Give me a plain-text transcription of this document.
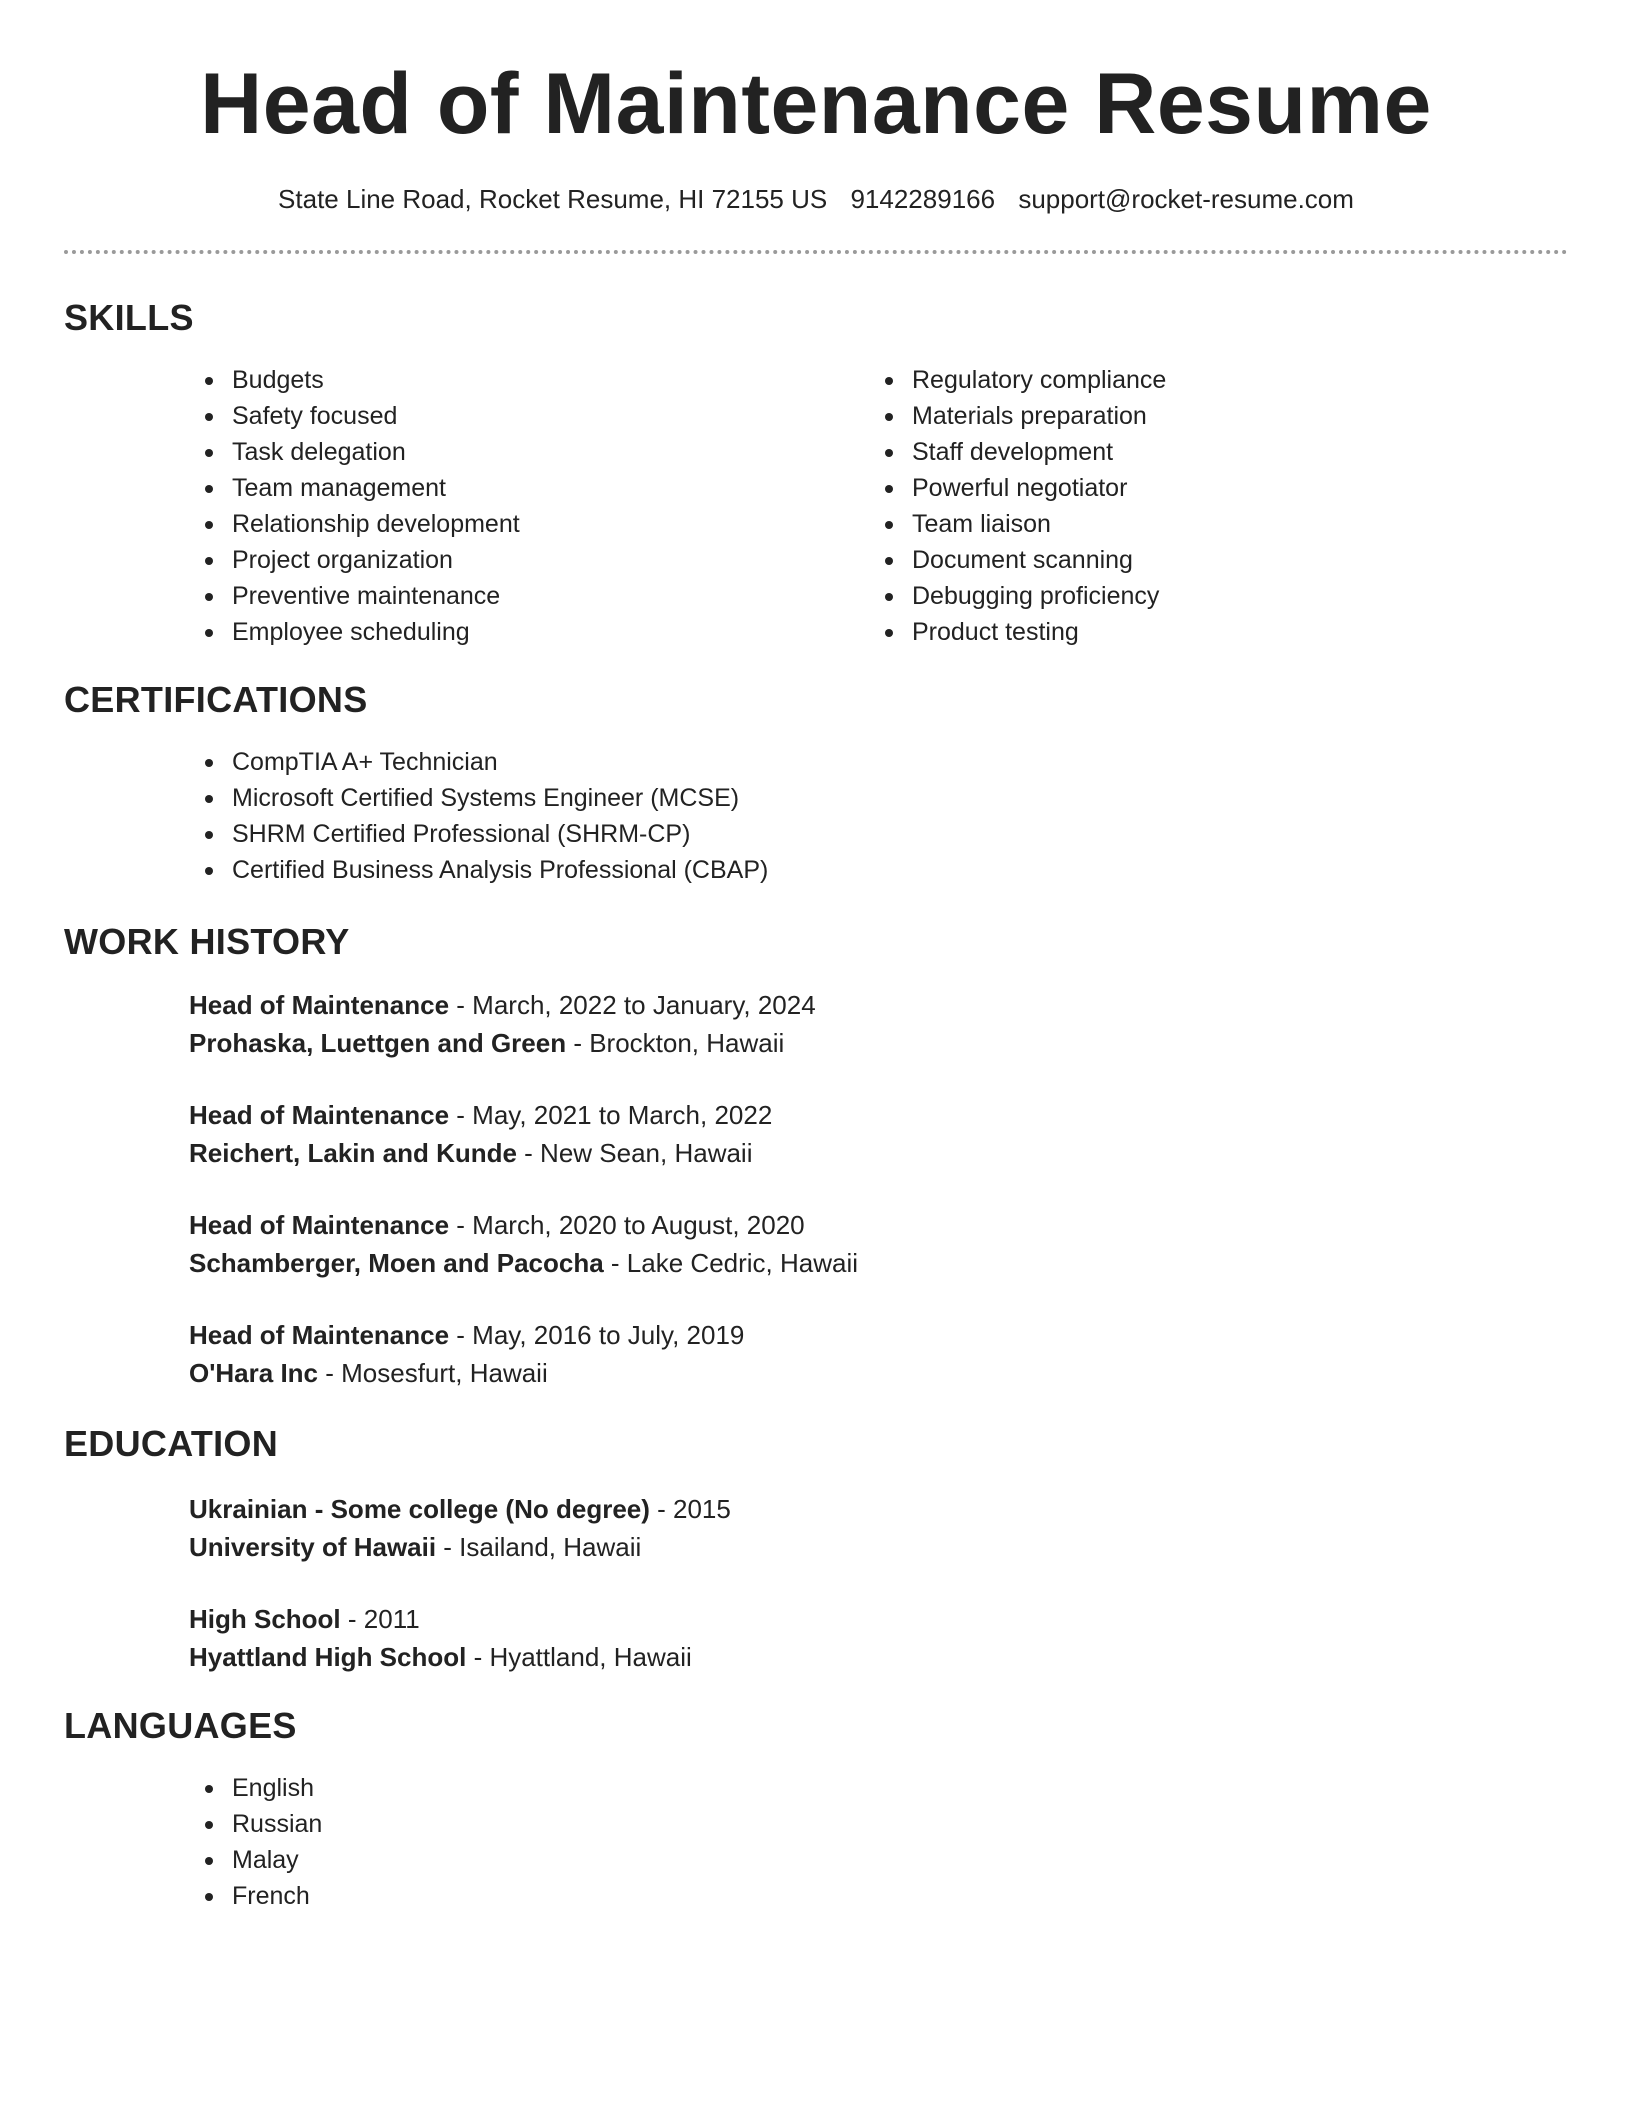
Head of Maintenance Resume
State Line Road, Rocket Resume, HI 72155 US 9142289166 support@rocket-resume.com
SKILLS
Budgets
Safety focused
Task delegation
Team management
Relationship development
Project organization
Preventive maintenance
Employee scheduling
Regulatory compliance
Materials preparation
Staff development
Powerful negotiator
Team liaison
Document scanning
Debugging proficiency
Product testing
CERTIFICATIONS
CompTIA A+ Technician
Microsoft Certified Systems Engineer (MCSE)
SHRM Certified Professional (SHRM-CP)
Certified Business Analysis Professional (CBAP)
WORK HISTORY
Head of Maintenance - March, 2022 to January, 2024
Prohaska, Luettgen and Green - Brockton, Hawaii
Head of Maintenance - May, 2021 to March, 2022
Reichert, Lakin and Kunde - New Sean, Hawaii
Head of Maintenance - March, 2020 to August, 2020
Schamberger, Moen and Pacocha - Lake Cedric, Hawaii
Head of Maintenance - May, 2016 to July, 2019
O'Hara Inc - Mosesfurt, Hawaii
EDUCATION
Ukrainian - Some college (No degree) - 2015
University of Hawaii - Isailand, Hawaii
High School - 2011
Hyattland High School - Hyattland, Hawaii
LANGUAGES
English
Russian
Malay
French
